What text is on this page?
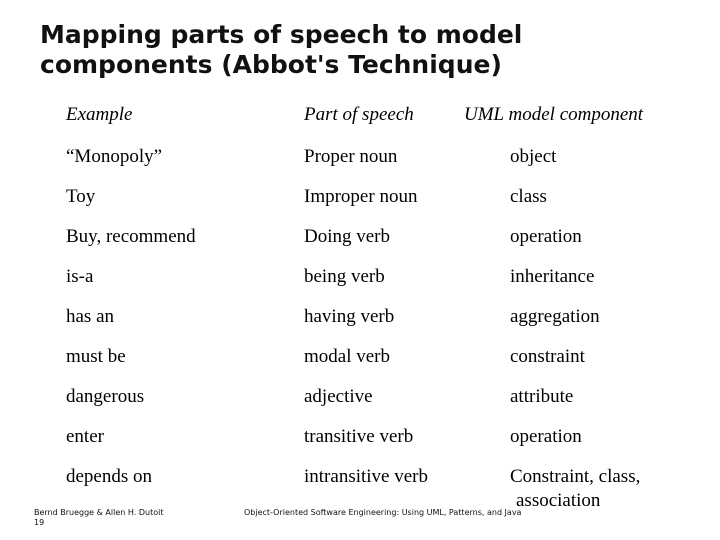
Mapping parts of speech to model components (Abbot's Technique)
Example	Part of speech	UML model component
“Monopoly”	Proper noun	object
Toy	Improper noun	class
Buy, recommend	Doing verb	operation
is-a	being verb	inheritance
has an	having verb	aggregation
must be	modal verb	constraint
dangerous	adjective	attribute
enter	transitive verb	operation
depends on	intransitive verb	Constraint, class,
association
Bernd Bruegge & Allen H. Dutoit
19
Object-Oriented Software Engineering: Using UML, Patterns, and Java
